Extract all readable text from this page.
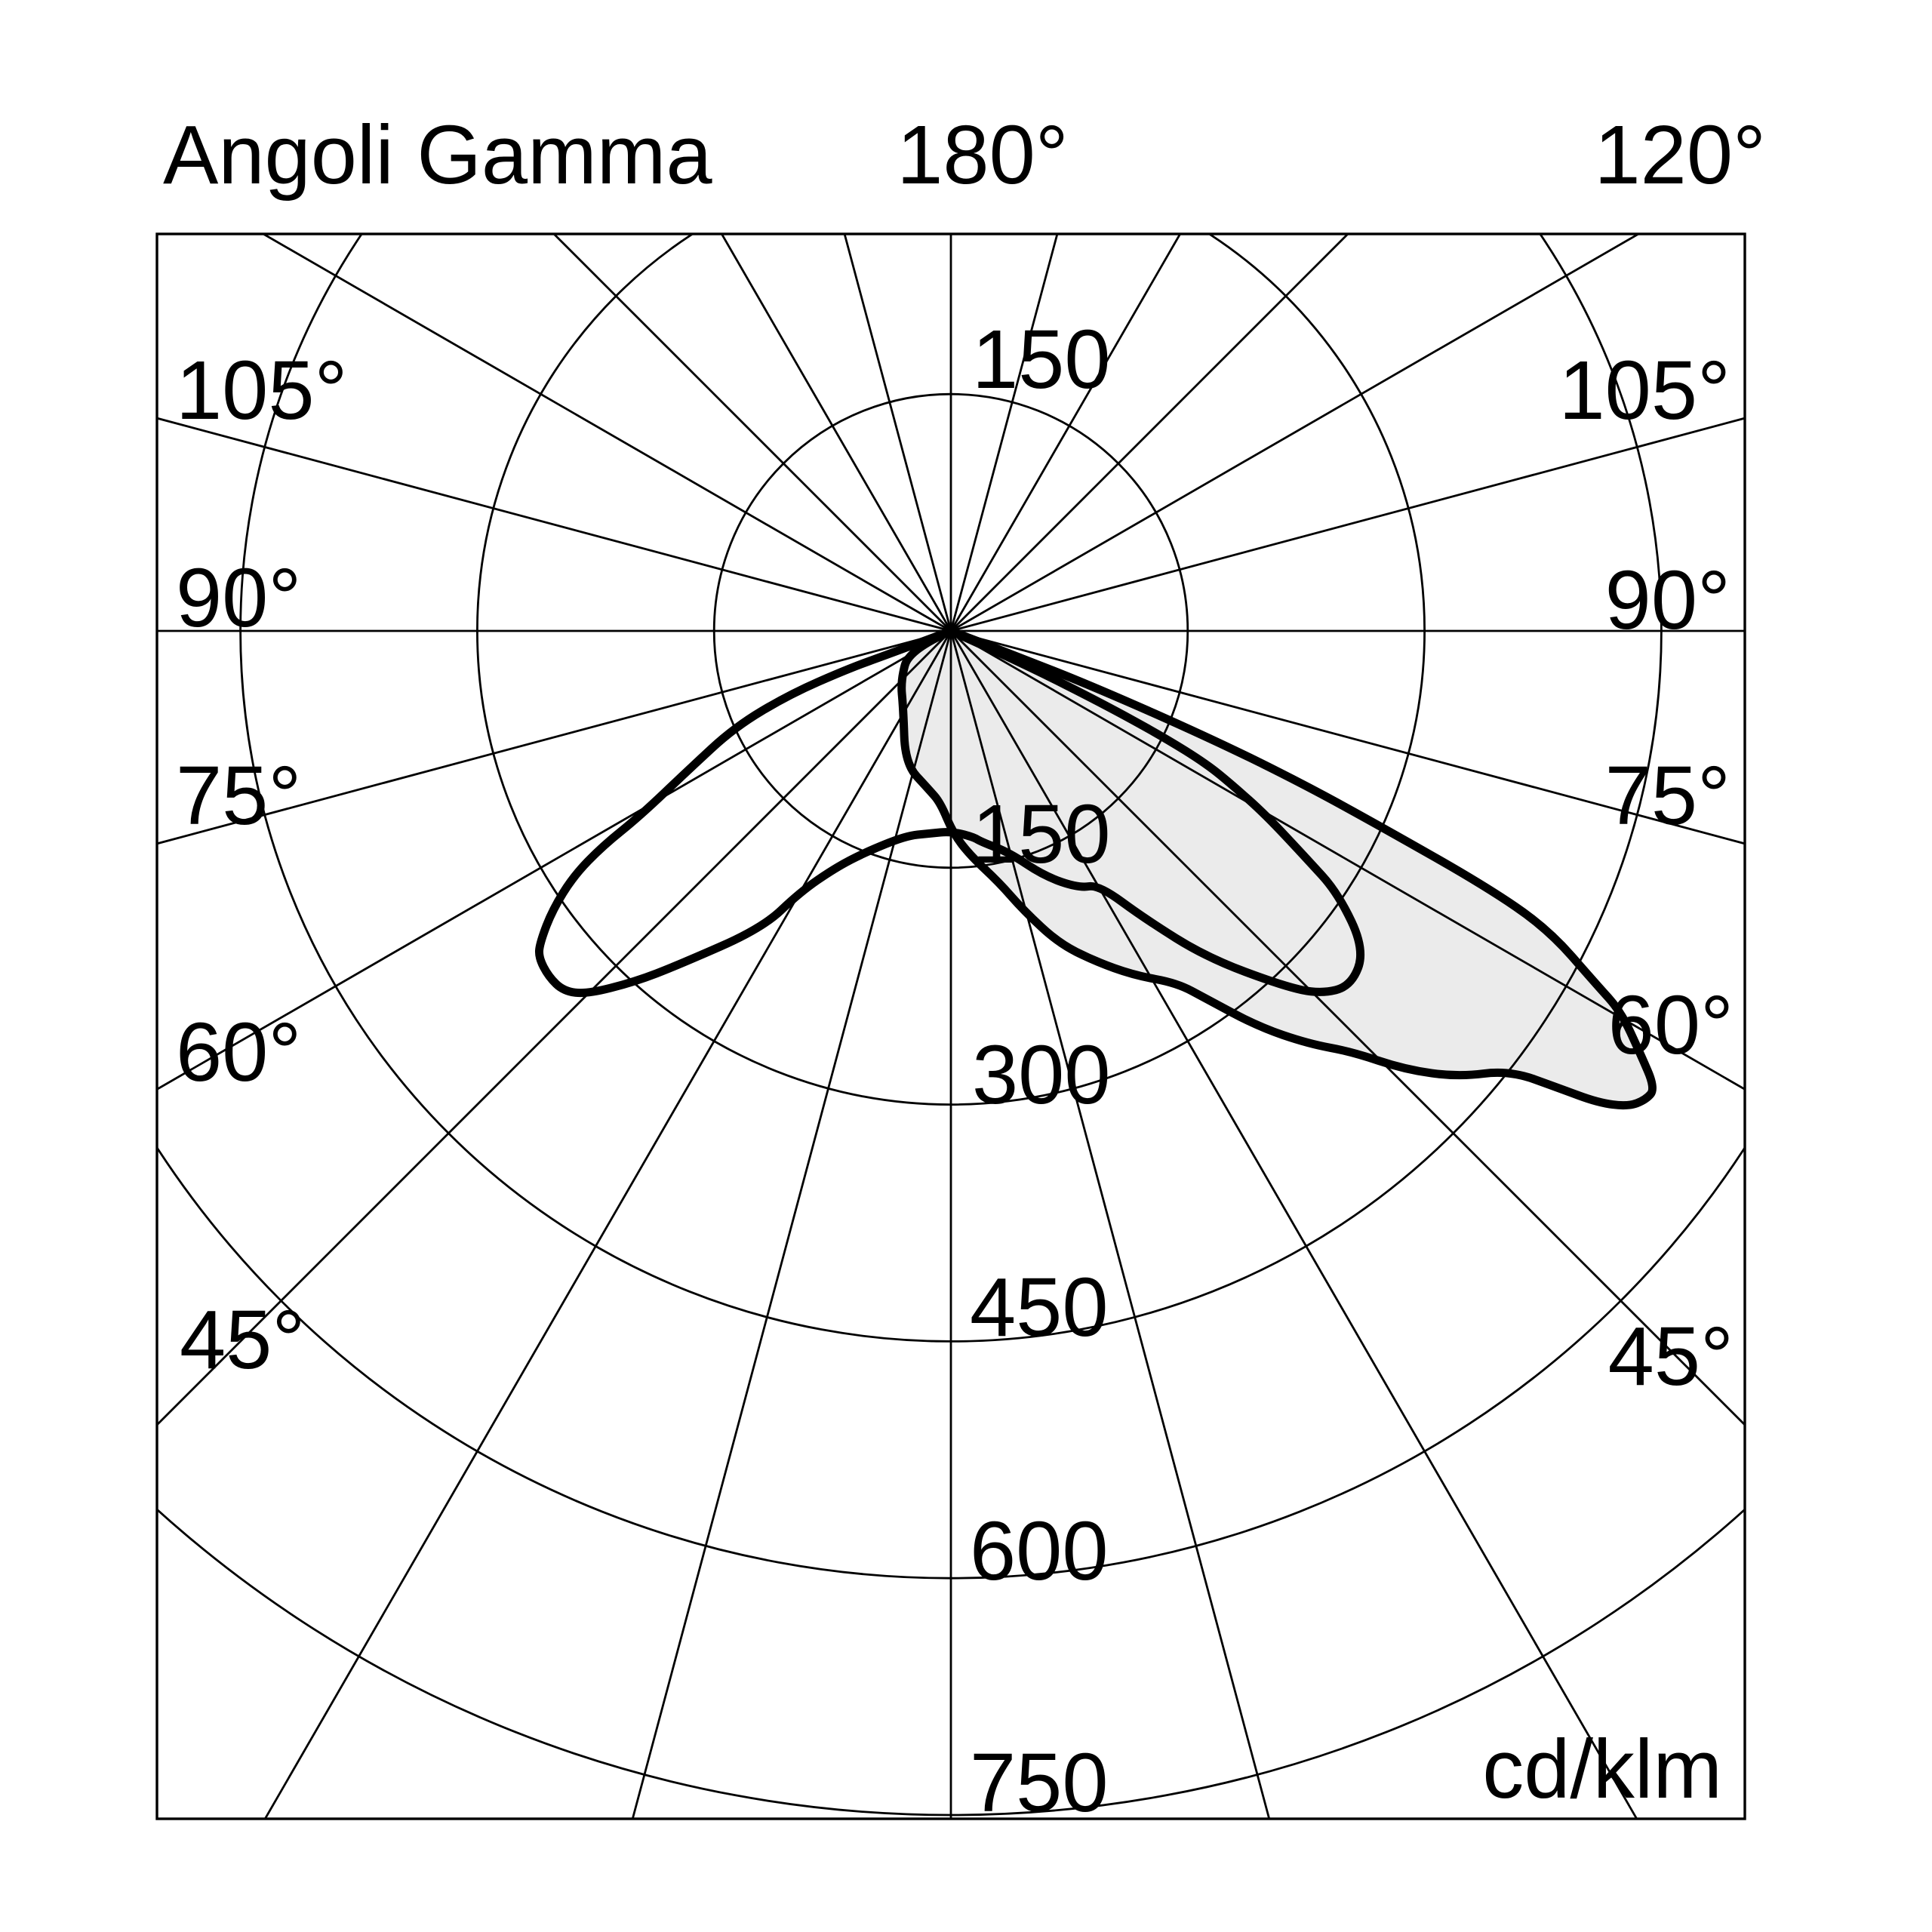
Angoli Gamma 180°	120°
105°
90°
75°
60°
45°
105°
90°
75°
60°
45°
150
150
300
450
600
750	cd/klm
